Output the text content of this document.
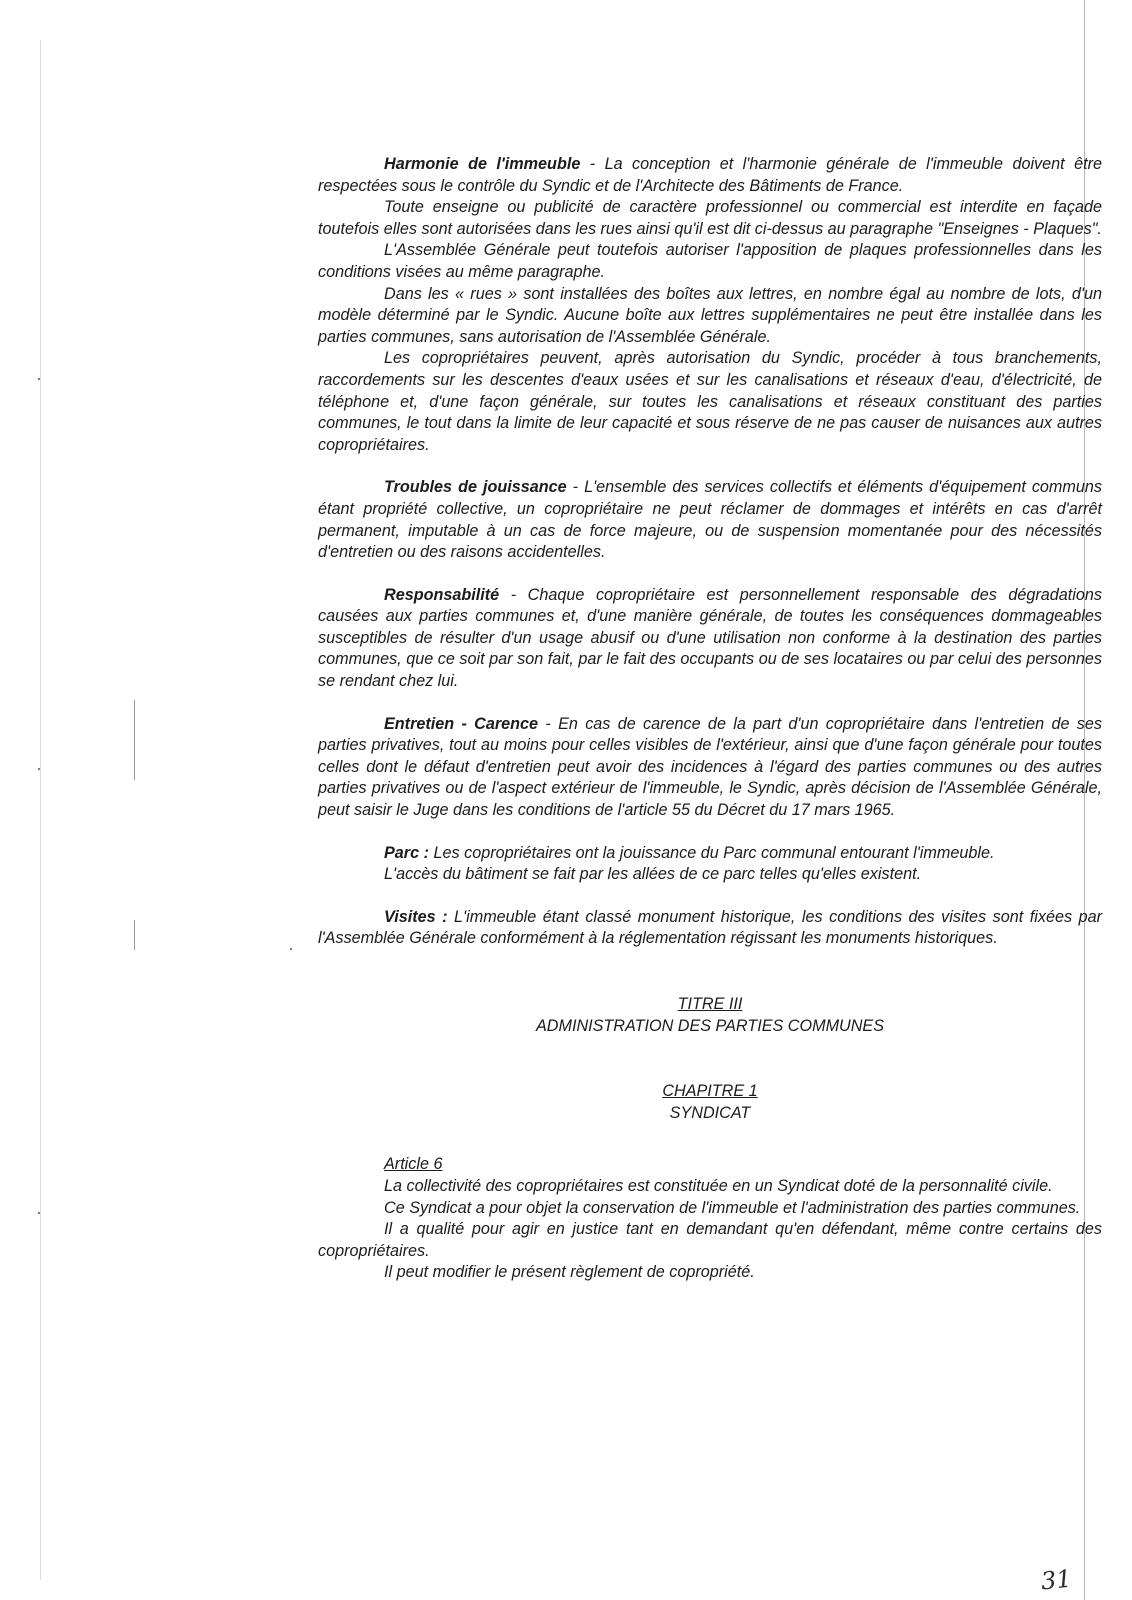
Harmonie de l'immeuble - La conception et l'harmonie générale de l'immeuble doivent être respectées sous le contrôle du Syndic et de l'Architecte des Bâtiments de France.

Toute enseigne ou publicité de caractère professionnel ou commercial est interdite en façade toutefois elles sont autorisées dans les rues ainsi qu'il est dit ci-dessus au paragraphe "Enseignes - Plaques".

L'Assemblée Générale peut toutefois autoriser l'apposition de plaques professionnelles dans les conditions visées au même paragraphe.

Dans les « rues » sont installées des boîtes aux lettres, en nombre égal au nombre de lots, d'un modèle déterminé par le Syndic. Aucune boîte aux lettres supplémentaires ne peut être installée dans les parties communes, sans autorisation de l'Assemblée Générale.

Les copropriétaires peuvent, après autorisation du Syndic, procéder à tous branchements, raccordements sur les descentes d'eaux usées et sur les canalisations et réseaux d'eau, d'électricité, de téléphone et, d'une façon générale, sur toutes les canalisations et réseaux constituant des parties communes, le tout dans la limite de leur capacité et sous réserve de ne pas causer de nuisances aux autres copropriétaires.

Troubles de jouissance - L'ensemble des services collectifs et éléments d'équipement communs étant propriété collective, un copropriétaire ne peut réclamer de dommages et intérêts en cas d'arrêt permanent, imputable à un cas de force majeure, ou de suspension momentanée pour des nécessités d'entretien ou des raisons accidentelles.

Responsabilité - Chaque copropriétaire est personnellement responsable des dégradations causées aux parties communes et, d'une manière générale, de toutes les conséquences dommageables susceptibles de résulter d'un usage abusif ou d'une utilisation non conforme à la destination des parties communes, que ce soit par son fait, par le fait des occupants ou de ses locataires ou par celui des personnes se rendant chez lui.

Entretien - Carence - En cas de carence de la part d'un copropriétaire dans l'entretien de ses parties privatives, tout au moins pour celles visibles de l'extérieur, ainsi que d'une façon générale pour toutes celles dont le défaut d'entretien peut avoir des incidences à l'égard des parties communes ou des autres parties privatives ou de l'aspect extérieur de l'immeuble, le Syndic, après décision de l'Assemblée Générale, peut saisir le Juge dans les conditions de l'article 55 du Décret du 17 mars 1965.

Parc : Les copropriétaires ont la jouissance du Parc communal entourant l'immeuble.

L'accès du bâtiment se fait par les allées de ce parc telles qu'elles existent.

Visites : L'immeuble étant classé monument historique, les conditions des visites sont fixées par l'Assemblée Générale conformément à la réglementation régissant les monuments historiques.

TITRE III
ADMINISTRATION DES PARTIES COMMUNES
CHAPITRE 1
SYNDICAT

Article 6

La collectivité des copropriétaires est constituée en un Syndicat doté de la personnalité civile.

Ce Syndicat a pour objet la conservation de l'immeuble et l'administration des parties communes.

Il a qualité pour agir en justice tant en demandant qu'en défendant, même contre certains des copropriétaires.

Il peut modifier le présent règlement de copropriété.

31
